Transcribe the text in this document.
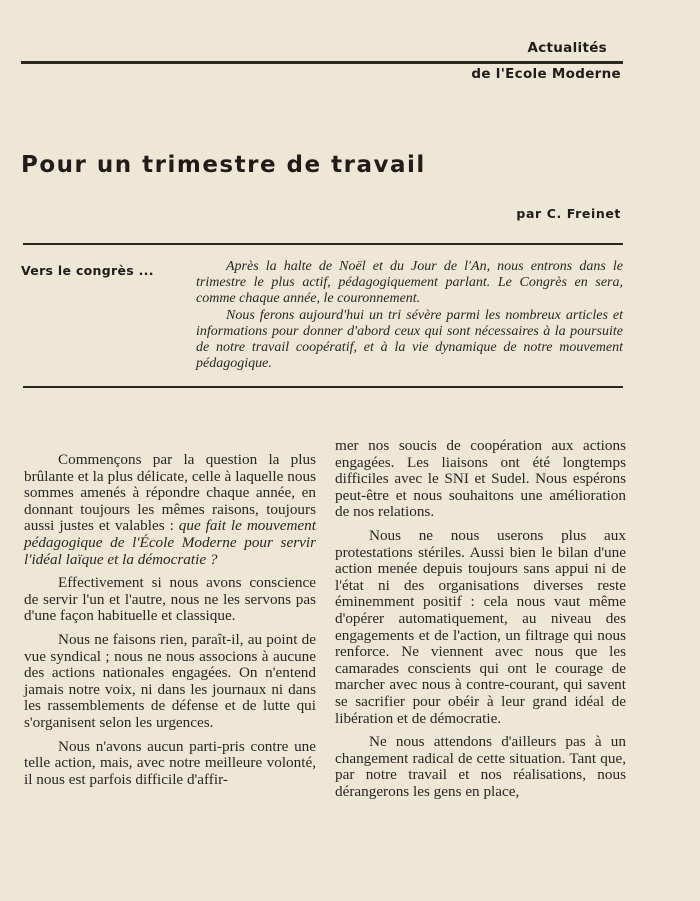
Actualités
de l'Ecole Moderne
Pour un trimestre de travail
par C. Freinet
Vers le congrès ...	Après la halte de Noël et du Jour de l'An, nous entrons dans le trimestre le plus actif, pédagogiquement parlant. Le Congrès en sera, comme chaque année, le couronnement.

Nous ferons aujourd'hui un tri sévère parmi les nombreux articles et informations pour donner d'abord ceux qui sont nécessaires à la poursuite de notre travail coopératif, et à la vie dynamique de notre mouvement pédagogique.

Commençons par la question la plus brûlante et la plus délicate, celle à laquelle nous sommes amenés à répondre chaque année, en donnant toujours les mêmes raisons, toujours aussi justes et valables : que fait le mouvement pédagogique de l'École Moderne pour servir l'idéal laïque et la démocratie ?

Effectivement si nous avons conscience de servir l'un et l'autre, nous ne les servons pas d'une façon habituelle et classique.

Nous ne faisons rien, paraît-il, au point de vue syndical ; nous ne nous associons à aucune des actions nationales engagées. On n'entend jamais notre voix, ni dans les journaux ni dans les rassemblements de défense et de lutte qui s'organisent selon les urgences.

Nous n'avons aucun parti-pris contre une telle action, mais, avec notre meilleure volonté, il nous est parfois difficile d'affir-

mer nos soucis de coopération aux actions engagées. Les liaisons ont été longtemps difficiles avec le SNI et Sudel. Nous espérons peut-être et nous souhaitons une amélioration de nos relations.

Nous ne nous userons plus aux protestations stériles. Aussi bien le bilan d'une action menée depuis toujours sans appui ni de l'état ni des organisations diverses reste éminemment positif : cela nous vaut même d'opérer automatiquement, au niveau des engagements et de l'action, un filtrage qui nous renforce. Ne viennent avec nous que les camarades conscients qui ont le courage de marcher avec nous à contre-courant, qui savent se sacrifier pour obéir à leur grand idéal de libération et de démocratie.

Ne nous attendons d'ailleurs pas à un changement radical de cette situation. Tant que, par notre travail et nos réalisations, nous dérangerons les gens en place,
